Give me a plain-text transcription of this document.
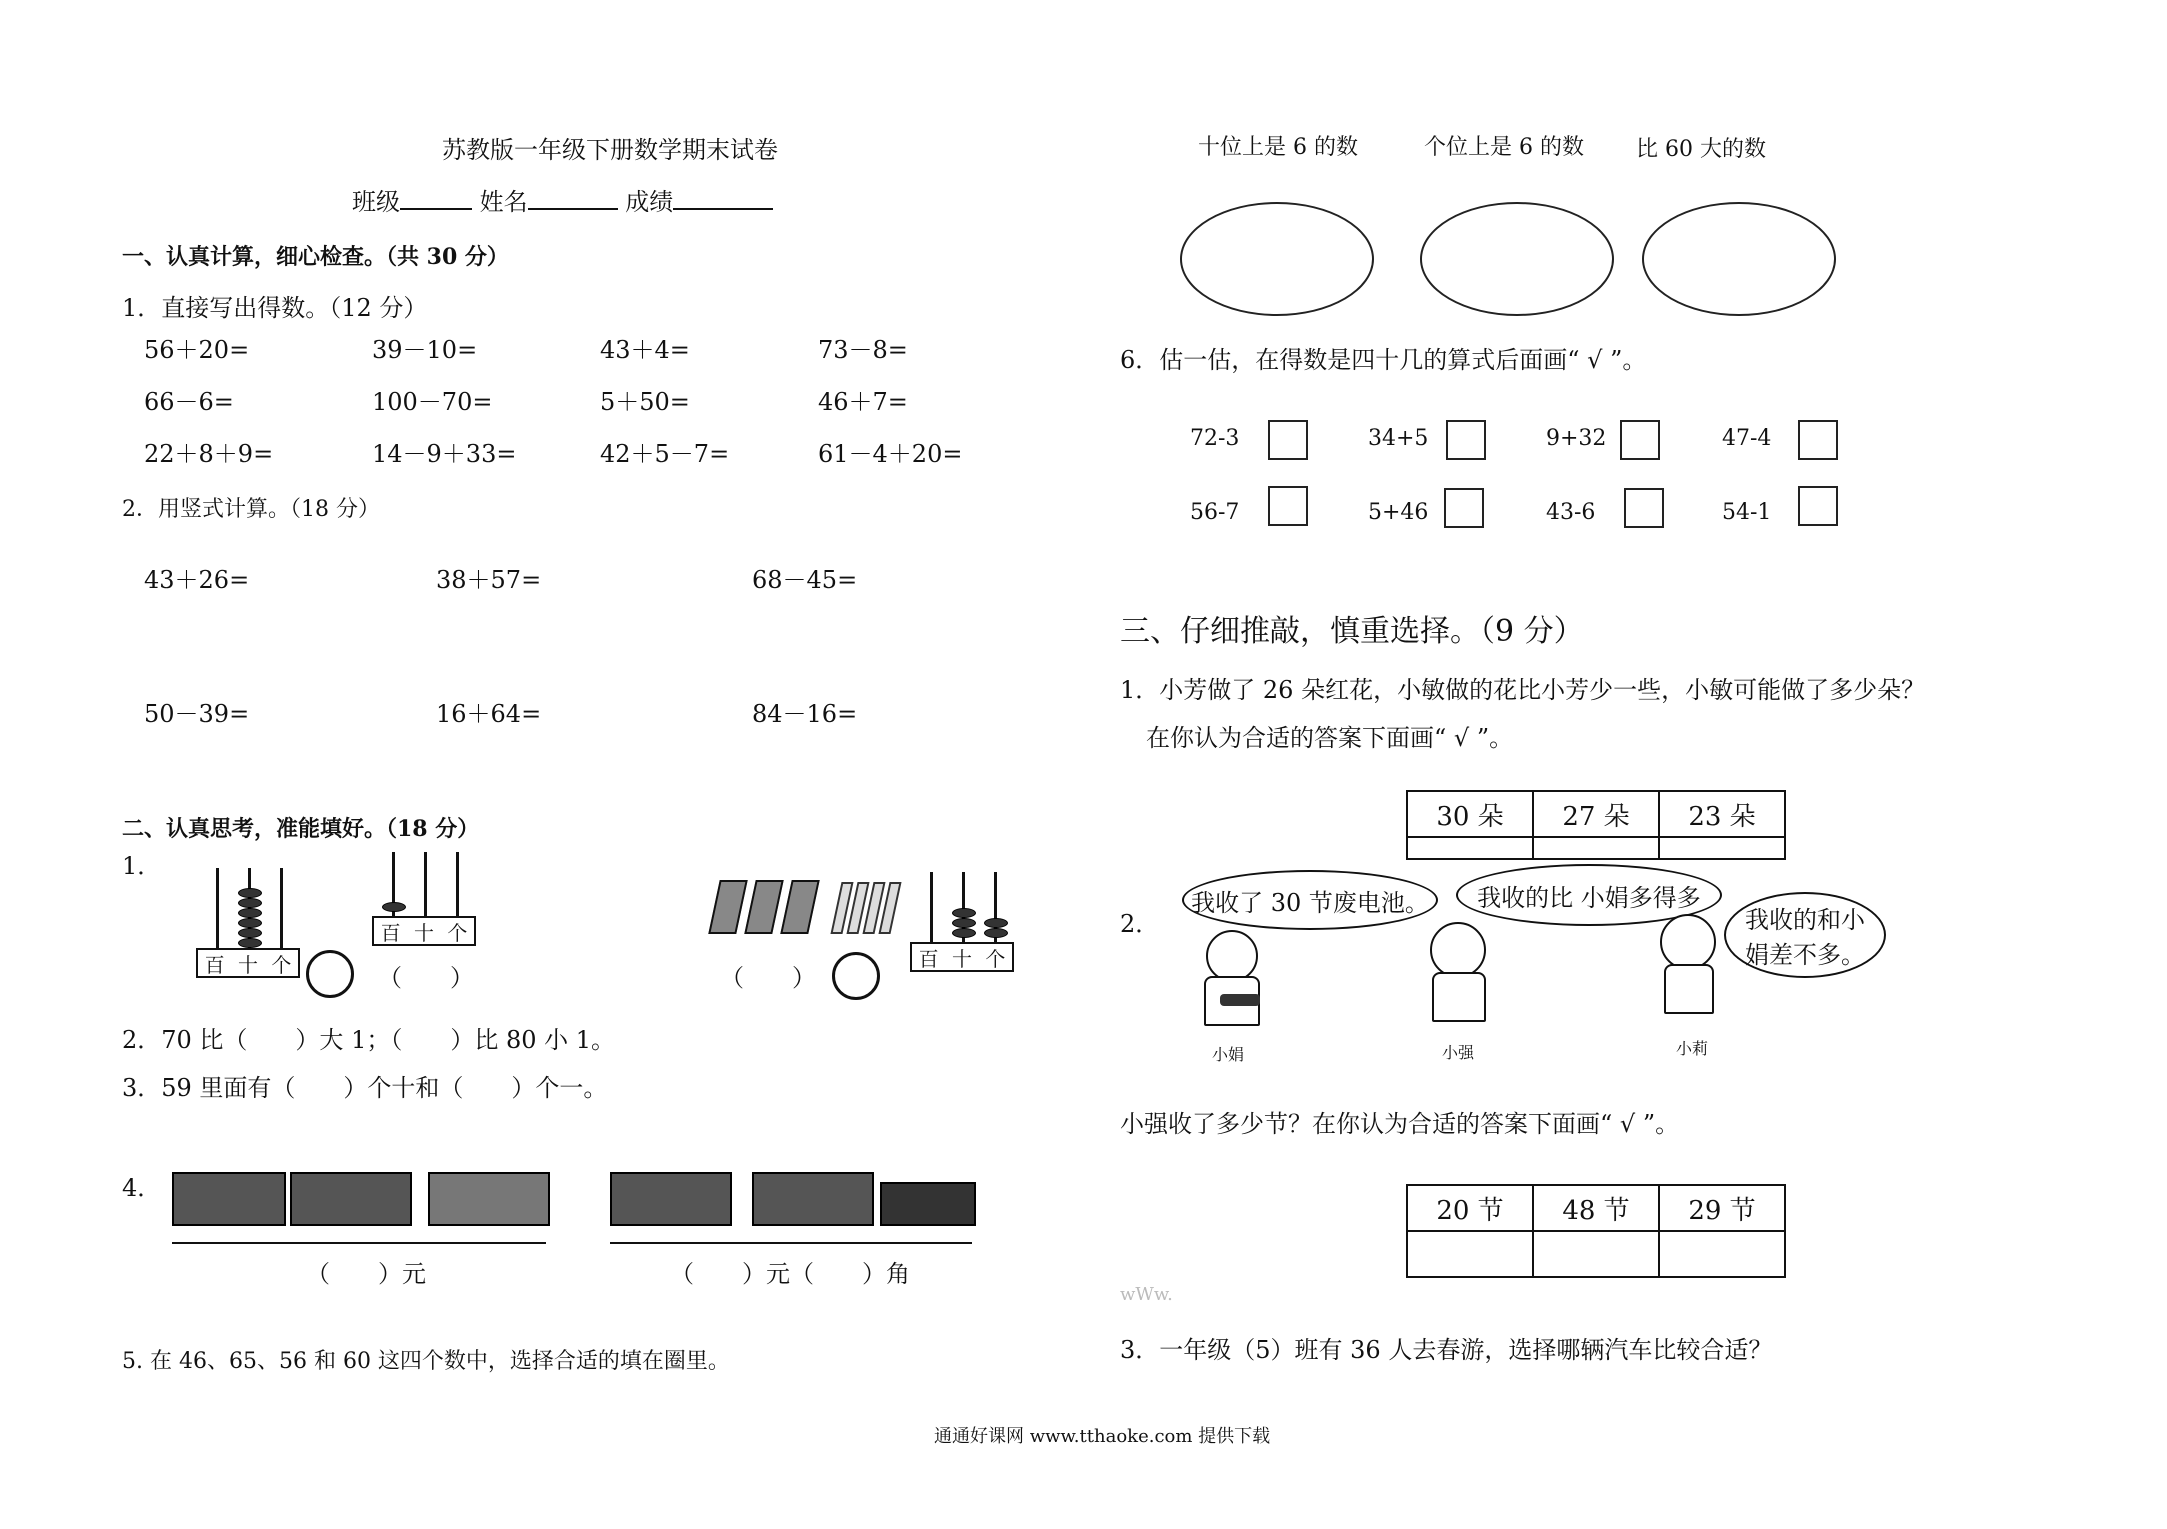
苏教版一年级下册数学期末试卷
班级	姓名	成绩
一、认真计算，细心检查。（共 30 分）
1．直接写出得数。（12 分）
56＋20=	39－10=	43＋4=	73－8=
66－6=	100－70=	5＋50=	46＋7=
22＋8＋9=	14－9＋33=	42＋5－7=	61－4＋20=
2．用竖式计算。（18 分）
43＋26=	38＋57=	68－45=
50－39=	16＋64=	84－16=
二、认真思考，准能填好。（18 分）
1．
百 十 个
百 十 个
（　　）	（　　）
百 十 个
2．70 比（　　）大 1；（　　）比 80 小 1。
3．59 里面有（　　）个十和（　　）个一。
4．
（　　）元	（　　）元（　　）角
5. 在 46、65、56 和 60 这四个数中，选择合适的填在圈里。
十位上是 6 的数	个位上是 6 的数 比 60 大的数
6．估一估，在得数是四十几的算式后面画“ √ ”。
72-3	34+5	9+32	47-4
56-7	5+46	43-6	54-1
三、仔细推敲，慎重选择。（9 分）
1．小芳做了 26 朵红花，小敏做的花比小芳少一些，小敏可能做了多少朵？
在你认为合适的答案下面画“ √ ”。
30 朵	27 朵	23 朵

2．
我收了 30 节废电池。 我收的比 小娟多得多
我收的和小娟差不多。
小娟	小强	小莉
小强收了多少节？在你认为合适的答案下面画“ √ ”。
20 节	48 节	29 节

wWw.
3．一年级（5）班有 36 人去春游，选择哪辆汽车比较合适？
通通好课网 www.tthaoke.com 提供下载
